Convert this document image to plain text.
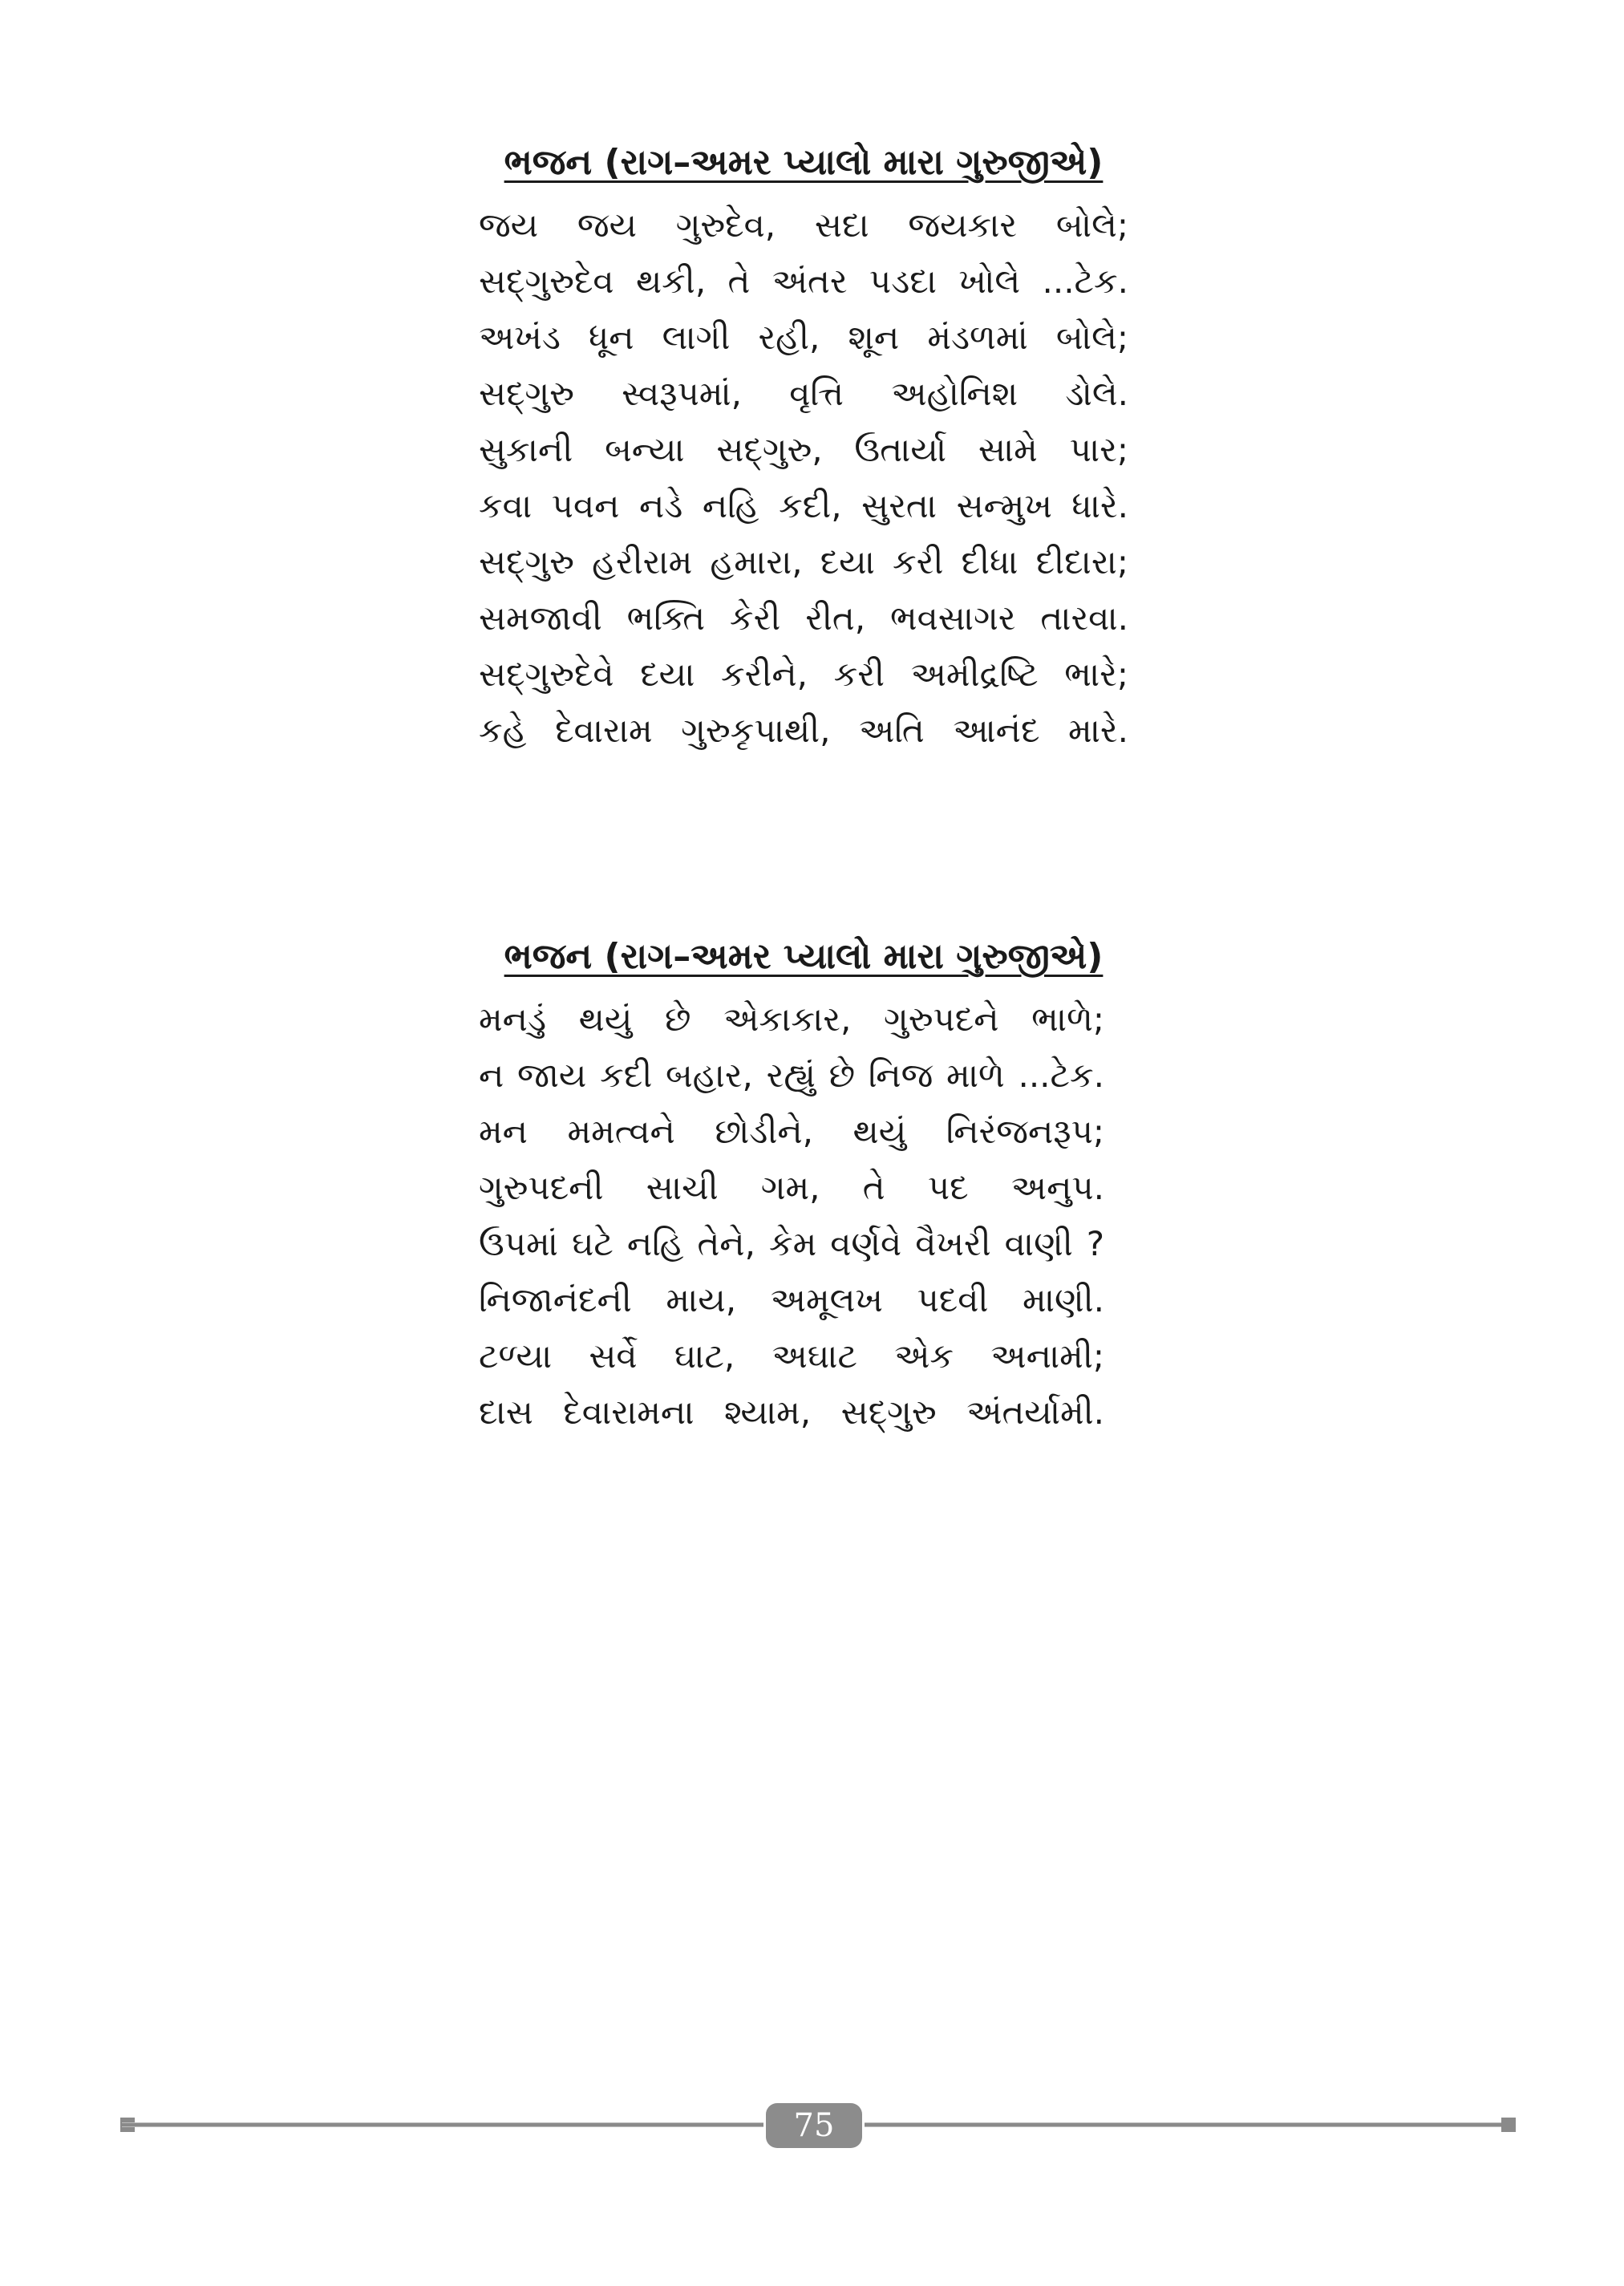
ભજન (રાગ–અમર પ્યાલો મારા ગુરુજીએ)
જય જય ગુરુદેવ, સદા જયકાર બોલે;
સદ્‌ગુરુદેવ થકી, તે અંતર પડદા ખોલે ...ટેક.
અખંડ ધૂન લાગી રહી, શૂન મંડળમાં બોલે;
સદ્‌ગુરુ સ્વરૂપમાં, વૃત્તિ અહોનિશ ડોલે.
સુકાની બન્યા સદ્‌ગુરુ, ઉતાર્યા સામે પાર;
કવા પવન નડે નહિ કદી, સુરતા સન્મુખ ધારે.
સદ્‌ગુરુ હરીરામ હમારા, દયા કરી દીધા દીદારા;
સમજાવી ભક્તિ કેરી રીત, ભવસાગર તારવા.
સદ્‌ગુરુદેવે દયા કરીને, કરી અમીદ્રષ્ટિ ભારે;
કહે દેવારામ ગુરુકૃપાથી, અતિ આનંદ મારે.
ભજન (રાગ–અમર પ્યાલો મારા ગુરુજીએ)
મનડું થયું છે એકાકાર, ગુરુપદને ભાળે;
ન જાય કદી બહાર, રહ્યું છે નિજ માળે ...ટેક.
મન મમત્વને છોડીને, થયું નિરંજનરૂપ;
ગુરુપદની સાચી ગમ, તે પદ અનુપ.
ઉપમાં ઘટે નહિ તેને, કેમ વર્ણવે વૈખરી વાણી ?
નિજાનંદની માય, અમૂલખ પદવી માણી.
ટળ્યા સર્વે ઘાટ, અઘાટ એક અનામી;
દાસ દેવારામના શ્યામ, સદ્‌ગુરુ અંતર્યામી.
75
